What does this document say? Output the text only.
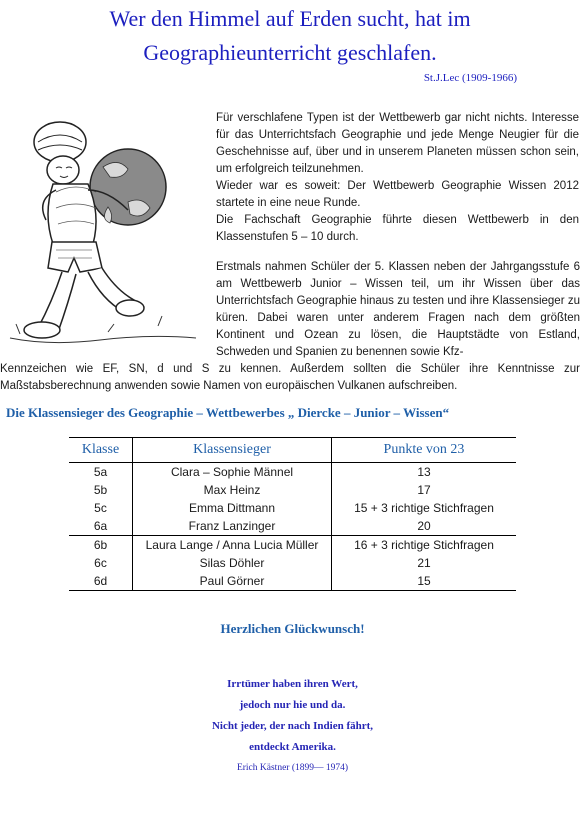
Wer den Himmel auf Erden sucht, hat im
Geographieunterricht geschlafen.
St.J.Lec (1909-1966)

Für verschlafene Typen ist der Wettbewerb gar nicht nichts. Interesse für das Unterrichtsfach Geographie und jede Menge Neugier für die Geschehnisse auf, über und in unserem Planeten müssen schon sein, um erfolgreich teilzunehmen.

Wieder war es soweit: Der Wettbewerb Geographie Wissen 2012 startete in eine neue Runde.

Die Fachschaft Geographie führte diesen Wettbewerb in den Klassenstufen 5 – 10 durch.

Erstmals nahmen Schüler der 5. Klassen neben der Jahrgangsstufe 6 am Wettbewerb Junior – Wissen teil, um ihr Wissen über das Unterrichtsfach Geographie hinaus zu testen und ihre Klassensieger zu küren. Dabei waren unter anderem Fragen nach dem größten Kontinent und Ozean zu lösen, die Hauptstädte von Estland, Schweden und Spanien zu benennen sowie Kfz-
Kennzeichen wie EF, SN, d und S zu kennen. Außerdem sollten die Schüler ihre Kenntnisse zur Maßstabsberechnung anwenden sowie Namen von europäischen Vulkanen aufschreiben.
Die Klassensieger des Geographie – Wettbewerbes „ Diercke – Junior – Wissen“
Klasse	Klassensieger	Punkte von 23
5a	Clara – Sophie Männel	13
5b	Max Heinz	17
5c	Emma Dittmann	15 + 3 richtige Stichfragen
6a	Franz Lanzinger	20
6b	Laura Lange / Anna Lucia Müller	16 + 3 richtige Stichfragen
6c	Silas Döhler	21
6d	Paul Görner	15
Herzlichen Glückwunsch!
Irrtümer haben ihren Wert,
jedoch nur hie und da.
Nicht jeder, der nach Indien fährt,
entdeckt Amerika.
Erich Kästner (1899— 1974)
